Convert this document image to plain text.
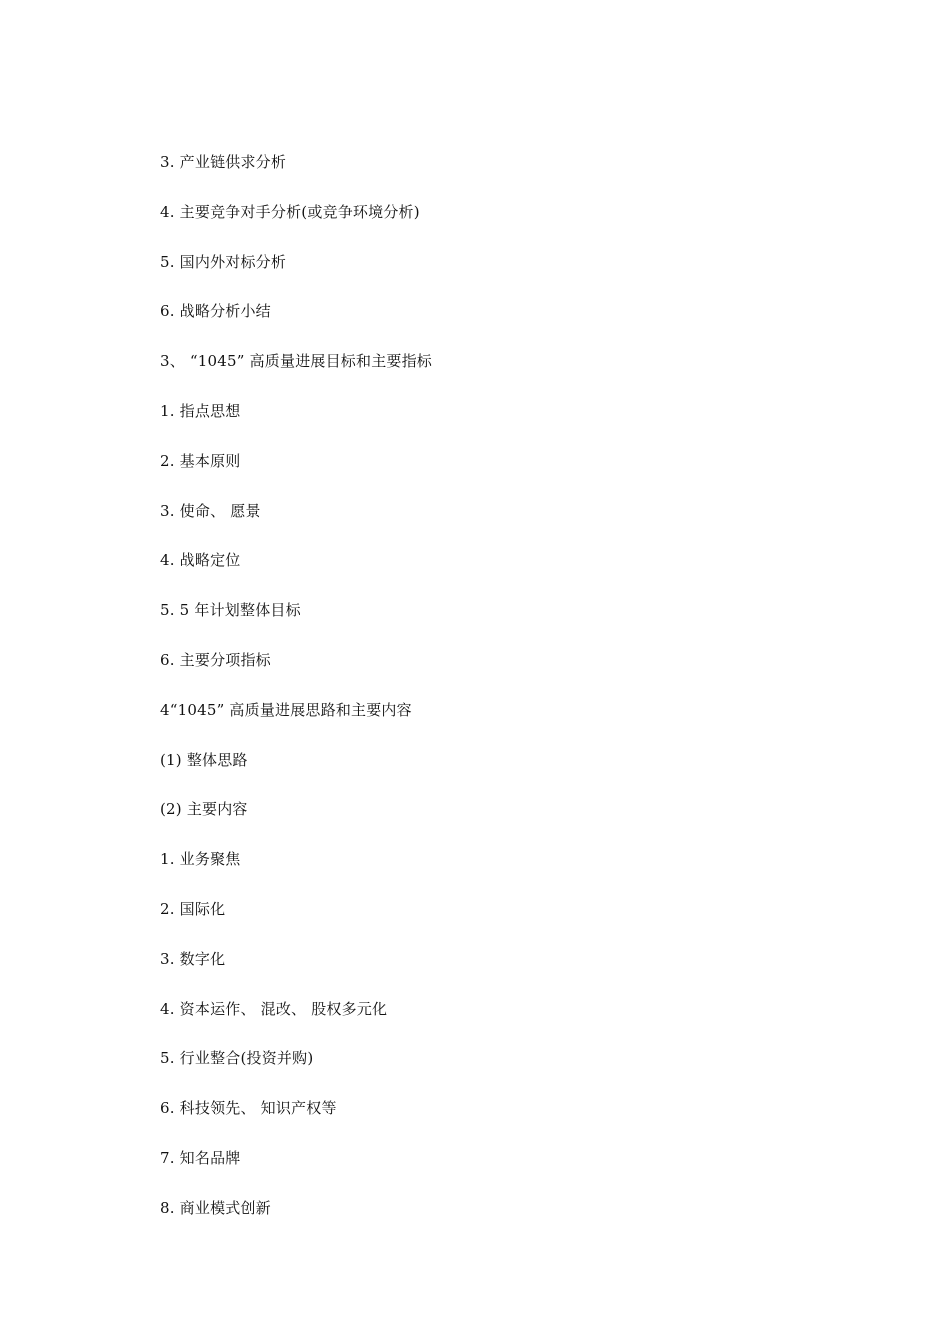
3. 产业链供求分析
4. 主要竞争对手分析(或竞争环境分析)
5. 国内外对标分析
6. 战略分析小结
3、 “1045” 高质量进展目标和主要指标
1. 指点思想
2. 基本原则
3. 使命、 愿景
4. 战略定位
5. 5 年计划整体目标
6. 主要分项指标
4“1045” 高质量进展思路和主要内容
(1) 整体思路
(2) 主要内容
1. 业务聚焦
2. 国际化
3. 数字化
4. 资本运作、 混改、 股权多元化
5. 行业整合(投资并购)
6. 科技领先、 知识产权等
7. 知名品牌
8. 商业模式创新
